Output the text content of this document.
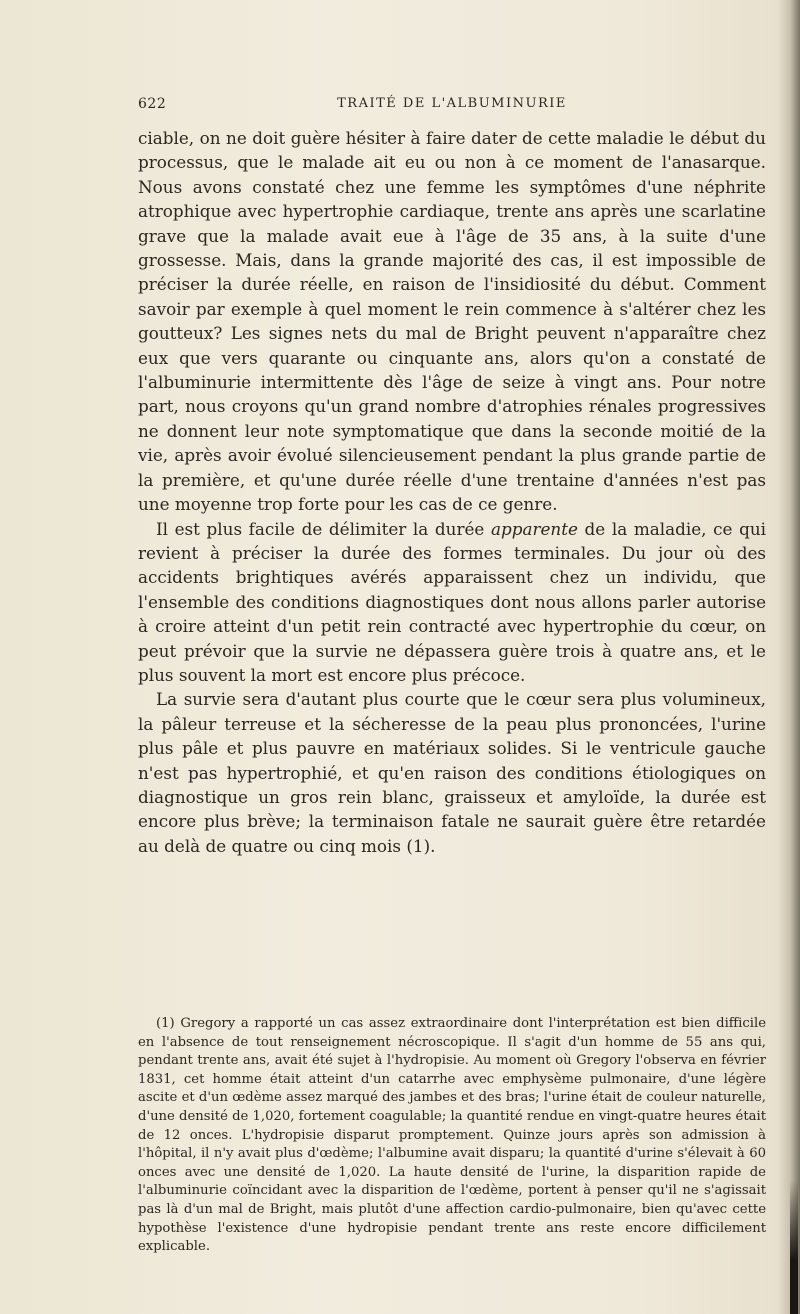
622	TRAITÉ DE L'ALBUMINURIE

ciable, on ne doit guère hésiter à faire dater de cette maladie le début du processus, que le malade ait eu ou non à ce moment de l'anasarque. Nous avons constaté chez une femme les symptômes d'une néphrite atrophique avec hypertrophie cardiaque, trente ans après une scarlatine grave que la malade avait eue à l'âge de 35 ans, à la suite d'une grossesse. Mais, dans la grande majorité des cas, il est impossible de préciser la durée réelle, en raison de l'insidiosité du début. Comment savoir par exemple à quel moment le rein commence à s'altérer chez les goutteux? Les signes nets du mal de Bright peuvent n'apparaître chez eux que vers quarante ou cinquante ans, alors qu'on a constaté de l'albuminurie intermittente dès l'âge de seize à vingt ans. Pour notre part, nous croyons qu'un grand nombre d'atrophies rénales progressives ne donnent leur note symptomatique que dans la seconde moitié de la vie, après avoir évolué silencieusement pendant la plus grande partie de la première, et qu'une durée réelle d'une trentaine d'années n'est pas une moyenne trop forte pour les cas de ce genre.

Il est plus facile de délimiter la durée apparente de la maladie, ce qui revient à préciser la durée des formes terminales. Du jour où des accidents brightiques avérés apparaissent chez un individu, que l'ensemble des conditions diagnostiques dont nous allons parler autorise à croire atteint d'un petit rein contracté avec hypertrophie du cœur, on peut prévoir que la survie ne dépassera guère trois à quatre ans, et le plus souvent la mort est encore plus précoce.

La survie sera d'autant plus courte que le cœur sera plus volumineux, la pâleur terreuse et la sécheresse de la peau plus prononcées, l'urine plus pâle et plus pauvre en matériaux solides. Si le ventricule gauche n'est pas hypertrophié, et qu'en raison des conditions étiologiques on diagnostique un gros rein blanc, graisseux et amyloïde, la durée est encore plus brève; la terminaison fatale ne saurait guère être retardée au delà de quatre ou cinq mois (1).

(1) Gregory a rapporté un cas assez extraordinaire dont l'interprétation est bien difficile en l'absence de tout renseignement nécroscopique. Il s'agit d'un homme de 55 ans qui, pendant trente ans, avait été sujet à l'hydropisie. Au moment où Gregory l'observa en février 1831, cet homme était atteint d'un catarrhe avec emphysème pulmonaire, d'une légère ascite et d'un œdème assez marqué des jambes et des bras; l'urine était de couleur naturelle, d'une densité de 1,020, fortement coagulable; la quantité rendue en vingt-quatre heures était de 12 onces. L'hydropisie disparut promptement. Quinze jours après son admission à l'hôpital, il n'y avait plus d'œdème; l'albumine avait disparu; la quantité d'urine s'élevait à 60 onces avec une densité de 1,020. La haute densité de l'urine, la disparition rapide de l'albuminurie coïncidant avec la disparition de l'œdème, portent à penser qu'il ne s'agissait pas là d'un mal de Bright, mais plutôt d'une affection cardio-pulmonaire, bien qu'avec cette hypothèse l'existence d'une hydropisie pendant trente ans reste encore difficilement explicable.
